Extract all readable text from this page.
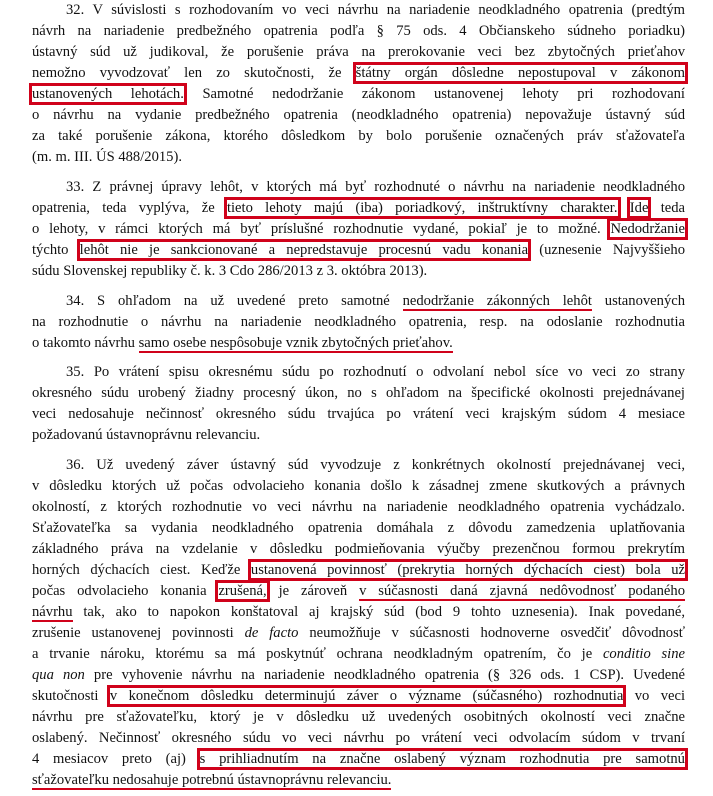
32. V súvislosti s rozhodovaním vo veci návrhu na nariadenie neodkladného opatrenia (predtým
návrh na nariadenie predbežného opatrenia podľa § 75 ods. 4 Občianskeho súdneho poriadku)
ústavný súd už judikoval, že porušenie práva na prerokovanie veci bez zbytočných prieťahov
nemožno vyvodzovať len zo skutočnosti, že štátny orgán dôsledne nepostupoval v zákonom
ustanovených lehotách. Samotné nedodržanie zákonom ustanovenej lehoty pri rozhodovaní
o návrhu na vydanie predbežného opatrenia (neodkladného opatrenia) nepovažuje ústavný súd
za také porušenie zákona, ktorého dôsledkom by bolo porušenie označených práv sťažovateľa
(m. m. III. ÚS 488/2015).
33. Z právnej úpravy lehôt, v ktorých má byť rozhodnuté o návrhu na nariadenie neodkladného
opatrenia, teda vyplýva, že tieto lehoty majú (iba) poriadkový, inštruktívny charakter. Ide teda
o lehoty, v rámci ktorých má byť príslušné rozhodnutie vydané, pokiaľ je to možné. Nedodržanie
týchto lehôt nie je sankcionované a nepredstavuje procesnú vadu konania (uznesenie Najvyššieho
súdu Slovenskej republiky č. k. 3 Cdo 286/2013 z 3. októbra 2013).
34. S ohľadom na už uvedené preto samotné nedodržanie zákonných lehôt ustanovených
na rozhodnutie o návrhu na nariadenie neodkladného opatrenia, resp. na odoslanie rozhodnutia
o takomto návrhu samo osebe nespôsobuje vznik zbytočných prieťahov.
35. Po vrátení spisu okresnému súdu po rozhodnutí o odvolaní nebol síce vo veci zo strany
okresného súdu urobený žiadny procesný úkon, no s ohľadom na špecifické okolnosti prejednávanej
veci nedosahuje nečinnosť okresného súdu trvajúca po vrátení veci krajským súdom 4 mesiace
požadovanú ústavnoprávnu relevanciu.
36. Už uvedený záver ústavný súd vyvodzuje z konkrétnych okolností prejednávanej veci,
v dôsledku ktorých už počas odvolacieho konania došlo k zásadnej zmene skutkových a právnych
okolností, z ktorých rozhodnutie vo veci návrhu na nariadenie neodkladného opatrenia vychádzalo.
Sťažovateľka sa vydania neodkladného opatrenia domáhala z dôvodu zamedzenia uplatňovania
základného práva na vzdelanie v dôsledku podmieňovania výučby prezenčnou formou prekrytím
horných dýchacích ciest. Keďže ustanovená povinnosť (prekrytia horných dýchacích ciest) bola už
počas odvolacieho konania zrušená, je zároveň v súčasnosti daná zjavná nedôvodnosť podaného
návrhu tak, ako to napokon konštatoval aj krajský súd (bod 9 tohto uznesenia). Inak povedané,
zrušenie ustanovenej povinnosti de facto neumožňuje v súčasnosti hodnoverne osvedčiť dôvodnosť
a trvanie nároku, ktorému sa má poskytnúť ochrana neodkladným opatrením, čo je conditio sine
qua non pre vyhovenie návrhu na nariadenie neodkladného opatrenia (§ 326 ods. 1 CSP). Uvedené
skutočnosti v konečnom dôsledku determinujú záver o význame (súčasného) rozhodnutia vo veci
návrhu pre sťažovateľku, ktorý je v dôsledku už uvedených osobitných okolností veci značne
oslabený. Nečinnosť okresného súdu vo veci návrhu po vrátení veci odvolacím súdom v trvaní
4 mesiacov preto (aj) s prihliadnutím na značne oslabený význam rozhodnutia pre samotnú
sťažovateľku nedosahuje potrebnú ústavnoprávnu relevanciu.
